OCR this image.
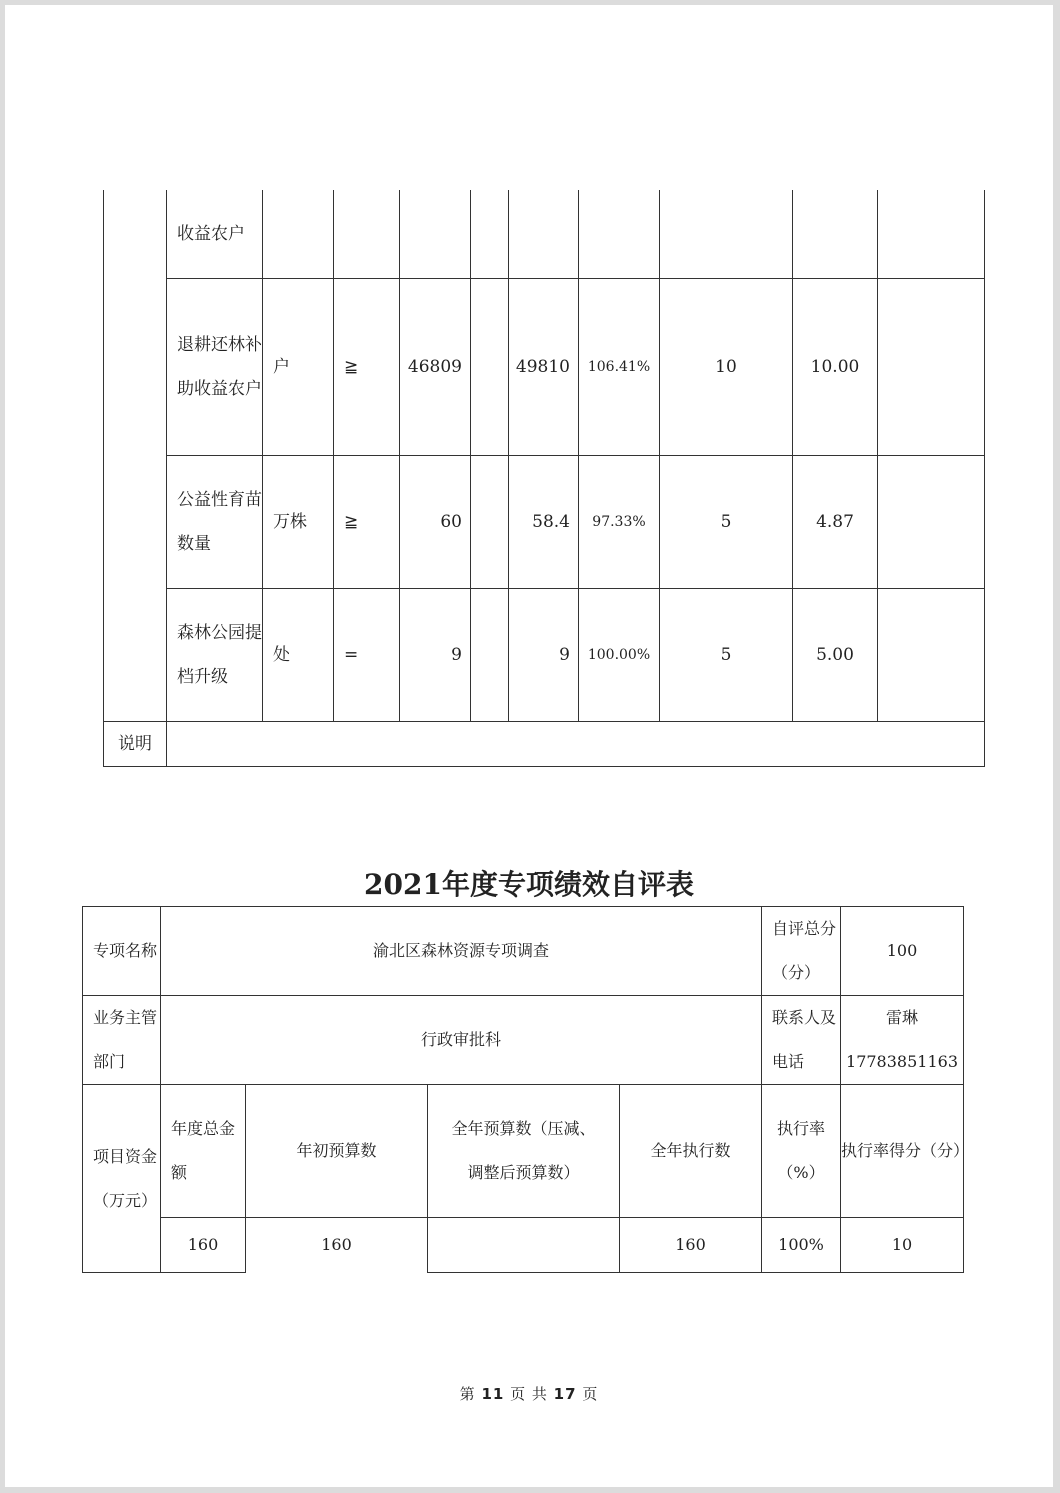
	收益农户									
	退耕还林补助收益农户	户	≧	46809		49810	106.41%	10	10.00	
	公益性育苗数量	万株	≧	60		58.4	97.33%	5	4.87	
	森林公园提档升级	处	=	9		9	100.00%	5	5.00	
说明										
2021年度专项绩效自评表
专项名称	渝北区森林资源专项调查				自评总分（分）	100
业务主管部门	行政审批科				联系人及电话	雷琳 17783851163
项目资金（万元）	年度总金额	年初预算数	全年预算数（压减、调整后预算数）	全年执行数	执行率（%）	执行率得分（分）
	160	160		160	100%	10
第 11 页 共 17 页
